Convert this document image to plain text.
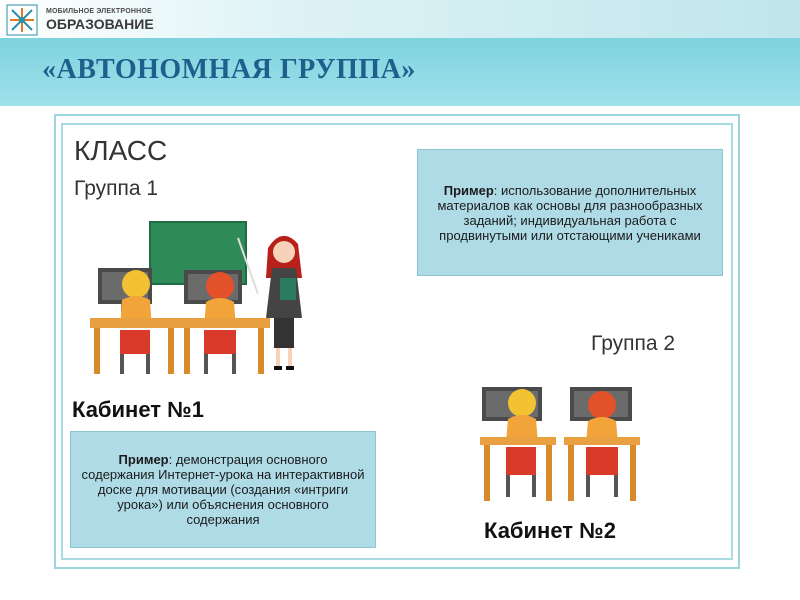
МОБИЛЬНОЕ ЭЛЕКТРОННОЕ
ОБРАЗОВАНИЕ
«АВТОНОМНАЯ ГРУППА»
КЛАСС
Группа 1
Группа 2
Кабинет №1
Кабинет №2
Пример: использование дополнительных материалов как основы для разнообразных заданий; индивидуальная работа с продвинутыми или отстающими учениками
Пример: демонстрация основного содержания Интернет-урока на интерактивной доске для мотивации (создания «интриги урока») или объяснения основного содержания
